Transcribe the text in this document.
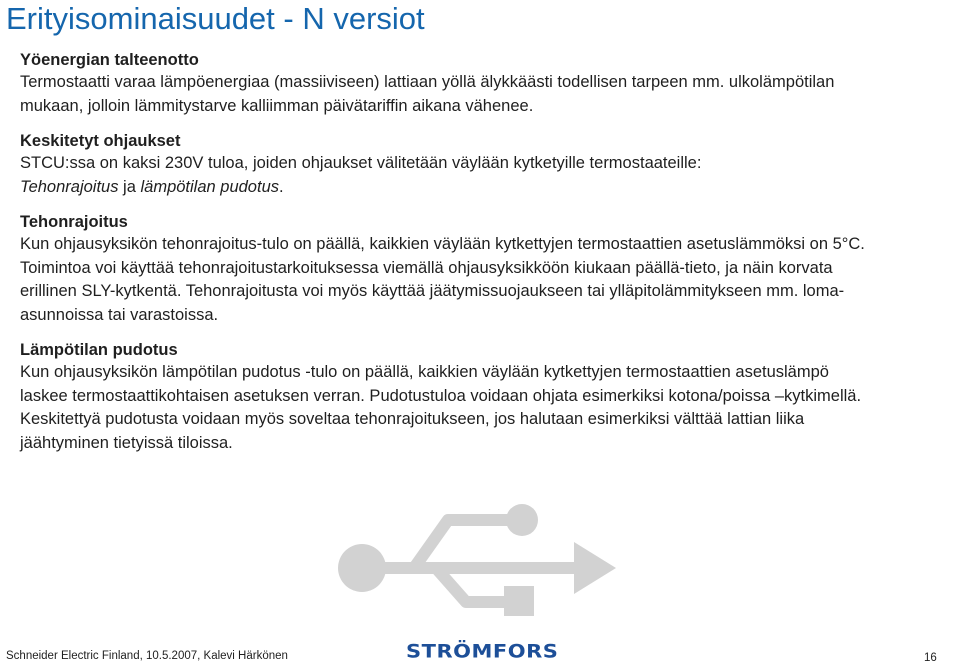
Erityisominaisuudet - N versiot
Yöenergian talteenotto

Termostaatti varaa lämpöenergiaa (massiiviseen) lattiaan yöllä älykkäästi todellisen tarpeen mm. ulkolämpötilan

mukaan, jolloin lämmitystarve kalliimman päivätariffin aikana vähenee.

Keskitetyt ohjaukset

STCU:ssa on kaksi 230V tuloa, joiden ohjaukset välitetään väylään kytketyille termostaateille:

Tehonrajoitus ja lämpötilan pudotus.

Tehonrajoitus

Kun ohjausyksikön tehonrajoitus-tulo on päällä, kaikkien väylään kytkettyjen termostaattien asetuslämmöksi on 5°C.

Toimintoa voi käyttää tehonrajoitustarkoituksessa viemällä ohjausyksikköön kiukaan päällä-tieto, ja näin korvata

erillinen SLY-kytkentä. Tehonrajoitusta voi myös käyttää jäätymissuojaukseen tai ylläpitolämmitykseen mm. loma-

asunnoissa tai varastoissa.

Lämpötilan pudotus

Kun ohjausyksikön lämpötilan pudotus -tulo on päällä, kaikkien väylään kytkettyjen termostaattien asetuslämpö

laskee termostaattikohtaisen asetuksen verran. Pudotustuloa voidaan ohjata esimerkiksi kotona/poissa –kytkimellä.

Keskitettyä pudotusta voidaan myös soveltaa tehonrajoitukseen, jos halutaan esimerkiksi välttää lattian liika

jäähtyminen tietyissä tiloissa.

Schneider Electric Finland, 10.5.2007, Kalevi Härkönen	STRÖMFORS	16
